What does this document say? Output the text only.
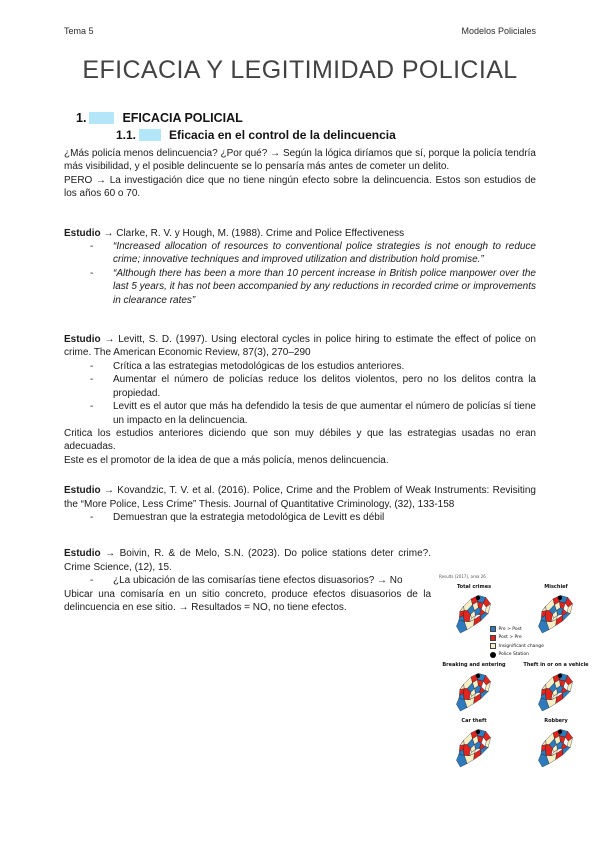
Tema 5	Modelos Policiales
EFICACIA Y LEGITIMIDAD POLICIAL
1.	EFICACIA POLICIAL
1.1.	Eficacia en el control de la delincuencia

¿Más policía menos delincuencia? ¿Por qué? → Según la lógica diríamos que sí, porque la policía tendría más visibilidad, y el posible delincuente se lo pensaría más antes de cometer un delito.

PERO → La investigación dice que no tiene ningún efecto sobre la delincuencia. Estos son estudios de los años 60 o 70.

Estudio → Clarke, R. V. y Hough, M. (1988). Crime and Police Effectiveness

-	“Increased allocation of resources to conventional police strategies is not enough to reduce crime; innovative techniques and improved utilization and distribution hold promise.”
-	“Although there has been a more than 10 percent increase in British police manpower over the last 5 years, it has not been accompanied by any reductions in recorded crime or improvements in clearance rates”

Estudio → Levitt, S. D. (1997). Using electoral cycles in police hiring to estimate the effect of police on crime. The American Economic Review, 87(3), 270–290

-	Crítica a las estrategias metodológicas de los estudios anteriores.
-	Aumentar el número de policías reduce los delitos violentos, pero no los delitos contra la propiedad.
-	Levitt es el autor que más ha defendido la tesis de que aumentar el número de policías sí tiene un impacto en la delincuencia.

Critica los estudios anteriores diciendo que son muy débiles y que las estrategias usadas no eran adecuadas.

Este es el promotor de la idea de que a más policía, menos delincuencia.

Estudio → Kovandzic, T. V. et al. (2016). Police, Crime and the Problem of Weak Instruments: Revisiting the “More Police, Less Crime” Thesis. Journal of Quantitative Criminology, (32), 133-158

-	Demuestran que la estrategia metodológica de Levitt es débil

Estudio → Boivin, R. & de Melo, S.N. (2023). Do police stations deter crime?. Crime Science, (12), 15.

-	¿La ubicación de las comisarías tiene efectos disuasorios? → No

Ubicar una comisaría en un sitio concreto, produce efectos disuasorios de la delincuencia en ese sitio. → Resultados = NO, no tiene efectos.

Results (2017), area 26
Total crimes	Mischief
Breaking and entering	Theft in or on a vehicle
Car theft	Robbery
Pre > Post
Post > Pre
Insignificant change
Police Station
